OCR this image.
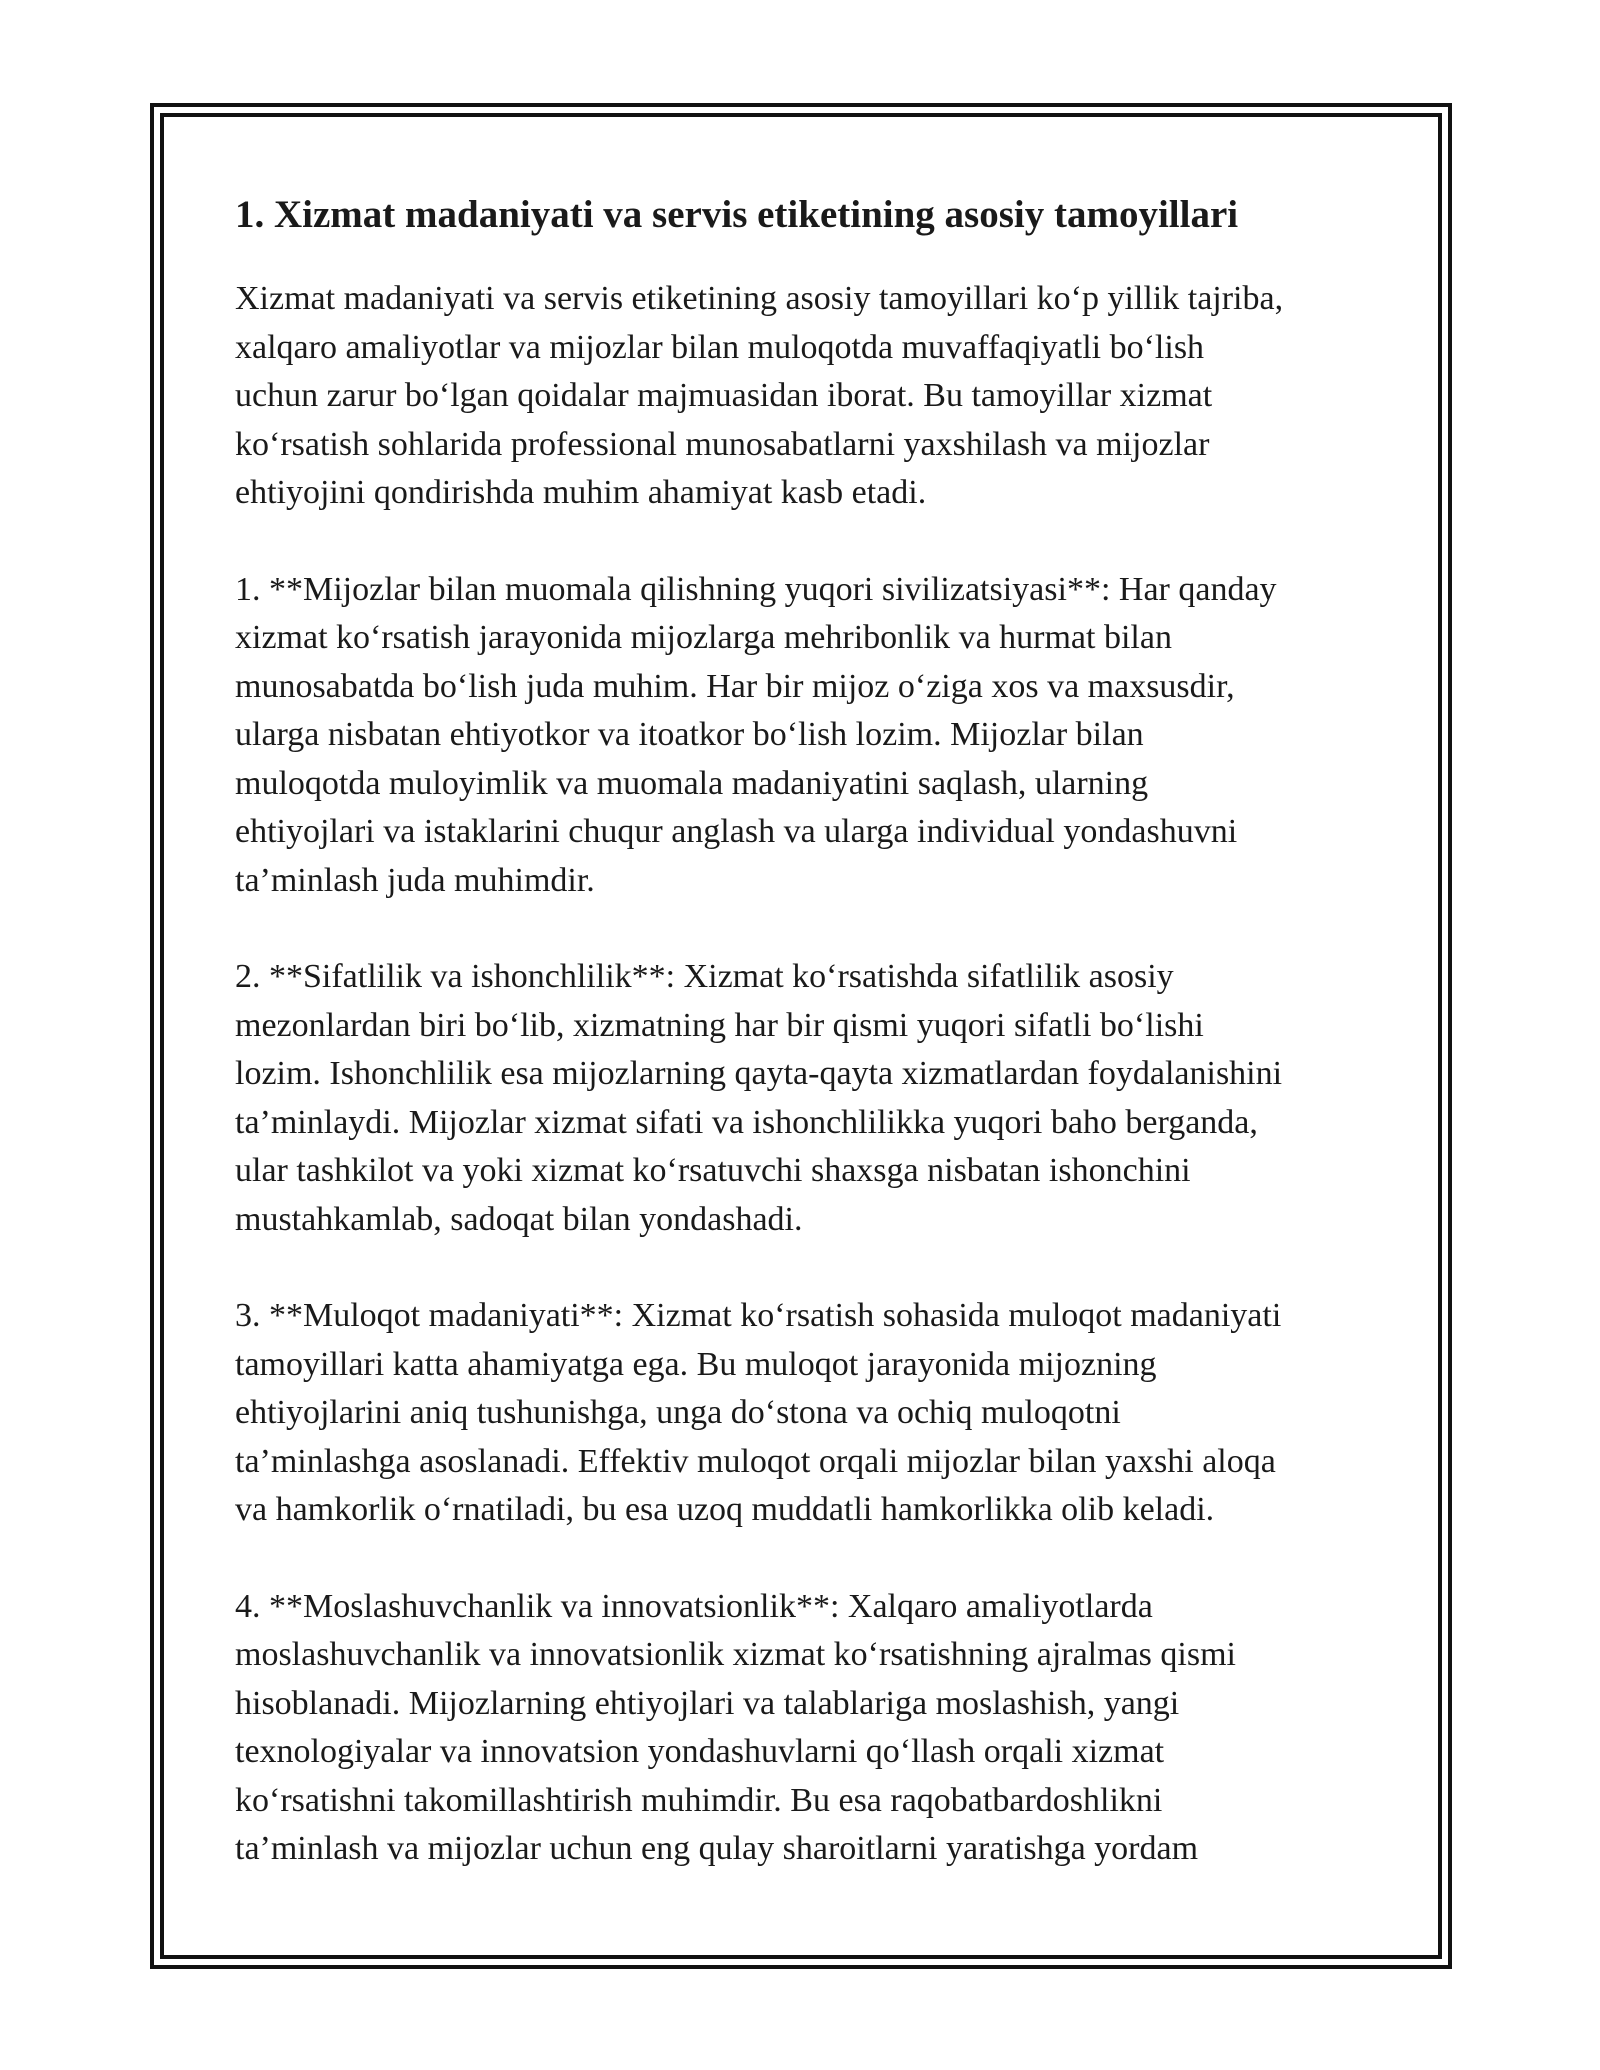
1. Xizmat madaniyati va servis etiketining asosiy tamoyillari

Xizmat madaniyati va servis etiketining asosiy tamoyillari koʻp yillik tajriba,
xalqaro amaliyotlar va mijozlar bilan muloqotda muvaffaqiyatli boʻlish
uchun zarur boʻlgan qoidalar majmuasidan iborat. Bu tamoyillar xizmat
koʻrsatish sohlarida professional munosabatlarni yaxshilash va mijozlar
ehtiyojini qondirishda muhim ahamiyat kasb etadi.

1. **Mijozlar bilan muomala qilishning yuqori sivilizatsiyasi**: Har qanday
xizmat koʻrsatish jarayonida mijozlarga mehribonlik va hurmat bilan
munosabatda boʻlish juda muhim. Har bir mijoz oʻziga xos va maxsusdir,
ularga nisbatan ehtiyotkor va itoatkor boʻlish lozim. Mijozlar bilan
muloqotda muloyimlik va muomala madaniyatini saqlash, ularning
ehtiyojlari va istaklarini chuqur anglash va ularga individual yondashuvni
ta’minlash juda muhimdir.

2. **Sifatlilik va ishonchlilik**: Xizmat koʻrsatishda sifatlilik asosiy
mezonlardan biri boʻlib, xizmatning har bir qismi yuqori sifatli boʻlishi
lozim. Ishonchlilik esa mijozlarning qayta-qayta xizmatlardan foydalanishini
ta’minlaydi. Mijozlar xizmat sifati va ishonchlilikka yuqori baho berganda,
ular tashkilot va yoki xizmat koʻrsatuvchi shaxsga nisbatan ishonchini
mustahkamlab, sadoqat bilan yondashadi.

3. **Muloqot madaniyati**: Xizmat koʻrsatish sohasida muloqot madaniyati
tamoyillari katta ahamiyatga ega. Bu muloqot jarayonida mijozning
ehtiyojlarini aniq tushunishga, unga doʻstona va ochiq muloqotni
ta’minlashga asoslanadi. Effektiv muloqot orqali mijozlar bilan yaxshi aloqa
va hamkorlik oʻrnatiladi, bu esa uzoq muddatli hamkorlikka olib keladi.

4. **Moslashuvchanlik va innovatsionlik**: Xalqaro amaliyotlarda
moslashuvchanlik va innovatsionlik xizmat koʻrsatishning ajralmas qismi
hisoblanadi. Mijozlarning ehtiyojlari va talablariga moslashish, yangi
texnologiyalar va innovatsion yondashuvlarni qoʻllash orqali xizmat
koʻrsatishni takomillashtirish muhimdir. Bu esa raqobatbardoshlikni
ta’minlash va mijozlar uchun eng qulay sharoitlarni yaratishga yordam
